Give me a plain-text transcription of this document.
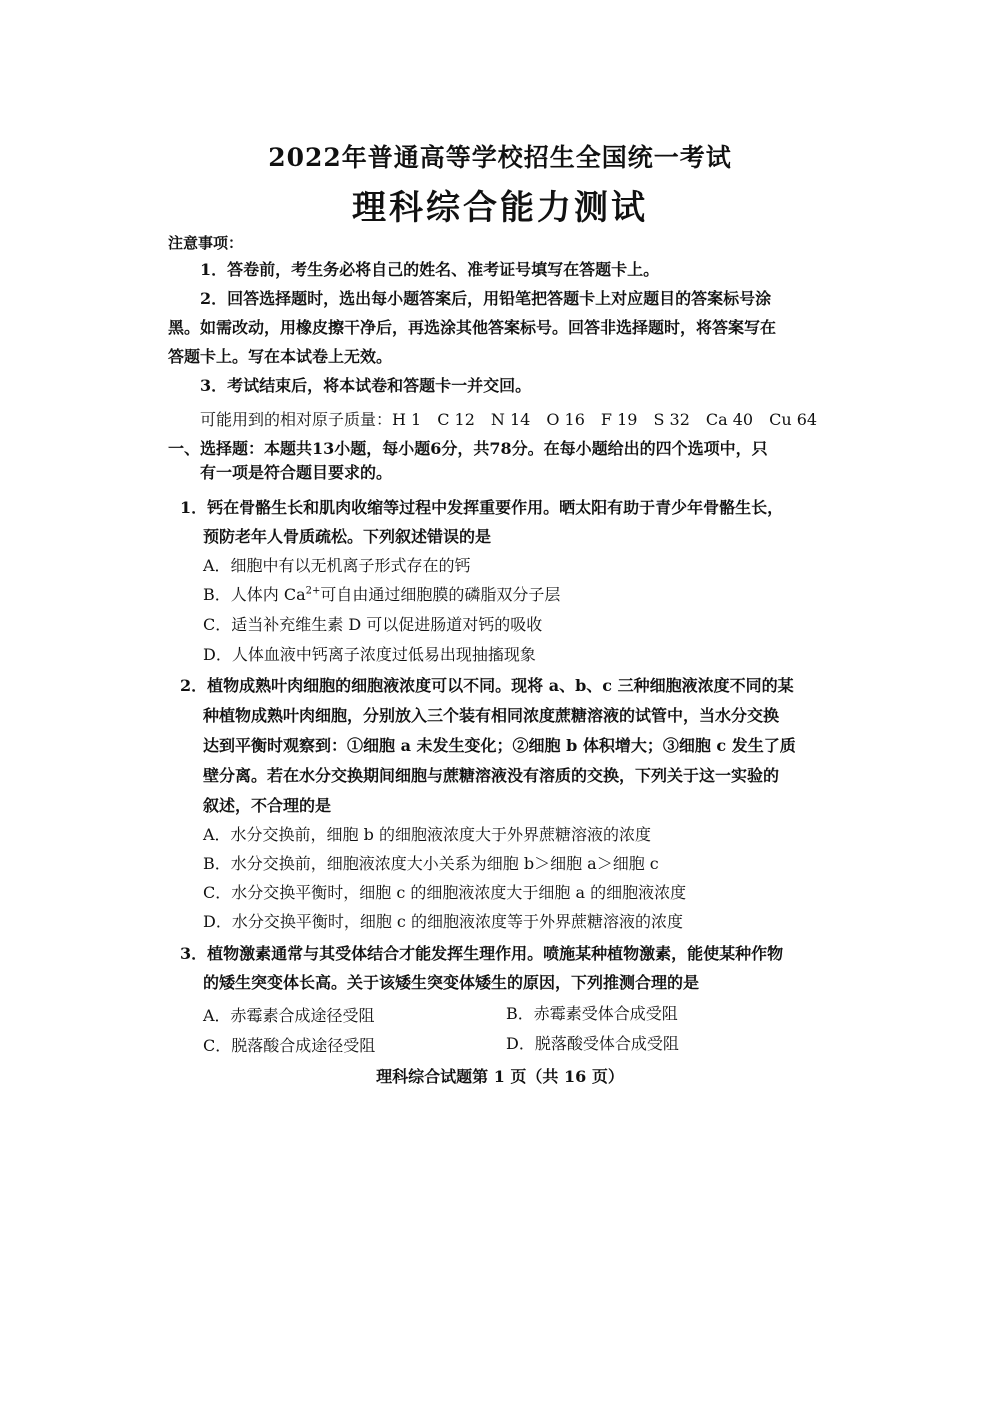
2022年普通高等学校招生全国统一考试
理科综合能力测试
注意事项：
1．答卷前，考生务必将自己的姓名、准考证号填写在答题卡上。
2．回答选择题时，选出每小题答案后，用铅笔把答题卡上对应题目的答案标号涂
黑。如需改动，用橡皮擦干净后，再选涂其他答案标号。回答非选择题时，将答案写在
答题卡上。写在本试卷上无效。
3．考试结束后，将本试卷和答题卡一并交回。
可能用到的相对原子质量：H 1　C 12　N 14　O 16　F 19　S 32　Ca 40　Cu 64
一、选择题：本题共13小题，每小题6分，共78分。在每小题给出的四个选项中，只
有一项是符合题目要求的。
1．钙在骨骼生长和肌肉收缩等过程中发挥重要作用。晒太阳有助于青少年骨骼生长，
预防老年人骨质疏松。下列叙述错误的是
A．细胞中有以无机离子形式存在的钙
B．人体内 $Ca^{2+}$可自由通过细胞膜的磷脂双分子层
C．适当补充维生素 D 可以促进肠道对钙的吸收
D．人体血液中钙离子浓度过低易出现抽搐现象
2．植物成熟叶肉细胞的细胞液浓度可以不同。现将 a、b、c 三种细胞液浓度不同的某
种植物成熟叶肉细胞，分别放入三个装有相同浓度蔗糖溶液的试管中，当水分交换
达到平衡时观察到：①细胞 a 未发生变化；②细胞 b 体积增大；③细胞 c 发生了质
壁分离。若在水分交换期间细胞与蔗糖溶液没有溶质的交换，下列关于这一实验的
叙述，不合理的是
A．水分交换前，细胞 b 的细胞液浓度大于外界蔗糖溶液的浓度
B．水分交换前，细胞液浓度大小关系为细胞 b＞细胞 a＞细胞 c
C．水分交换平衡时，细胞 c 的细胞液浓度大于细胞 a 的细胞液浓度
D．水分交换平衡时，细胞 c 的细胞液浓度等于外界蔗糖溶液的浓度
3．植物激素通常与其受体结合才能发挥生理作用。喷施某种植物激素，能使某种作物
的矮生突变体长高。关于该矮生突变体矮生的原因，下列推测合理的是
A．赤霉素合成途径受阻	B．赤霉素受体合成受阻
C．脱落酸合成途径受阻	D．脱落酸受体合成受阻
理科综合试题第 1 页（共 16 页）
